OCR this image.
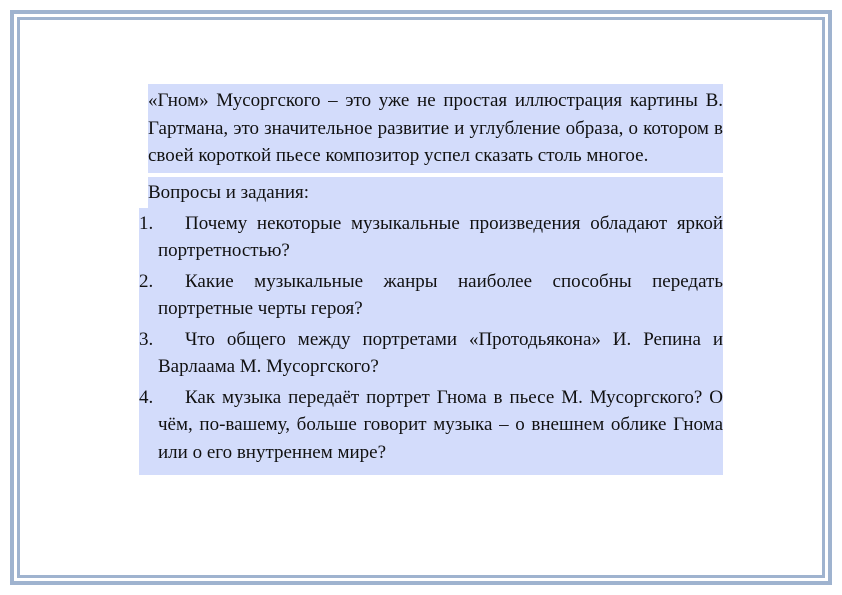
«Гном» Мусоргского – это уже не простая иллюстрация картины В. Гартмана, это значительное развитие и углубление образа, о котором в своей короткой пьесе композитор успел сказать столь многое.
Вопросы и задания:
1.	Почему некоторые музыкальные произведения обладают яркой портретностью?
2.	Какие музыкальные жанры наиболее способны передать портретные черты героя?
3.	Что общего между портретами «Протодьякона» И. Репина и Варлаама М. Мусоргского?
4.	Как музыка передаёт портрет Гнома в пьесе М. Мусоргского? О чём, по-вашему, больше говорит музыка – о внешнем облике Гнома или о его внутреннем мире?
